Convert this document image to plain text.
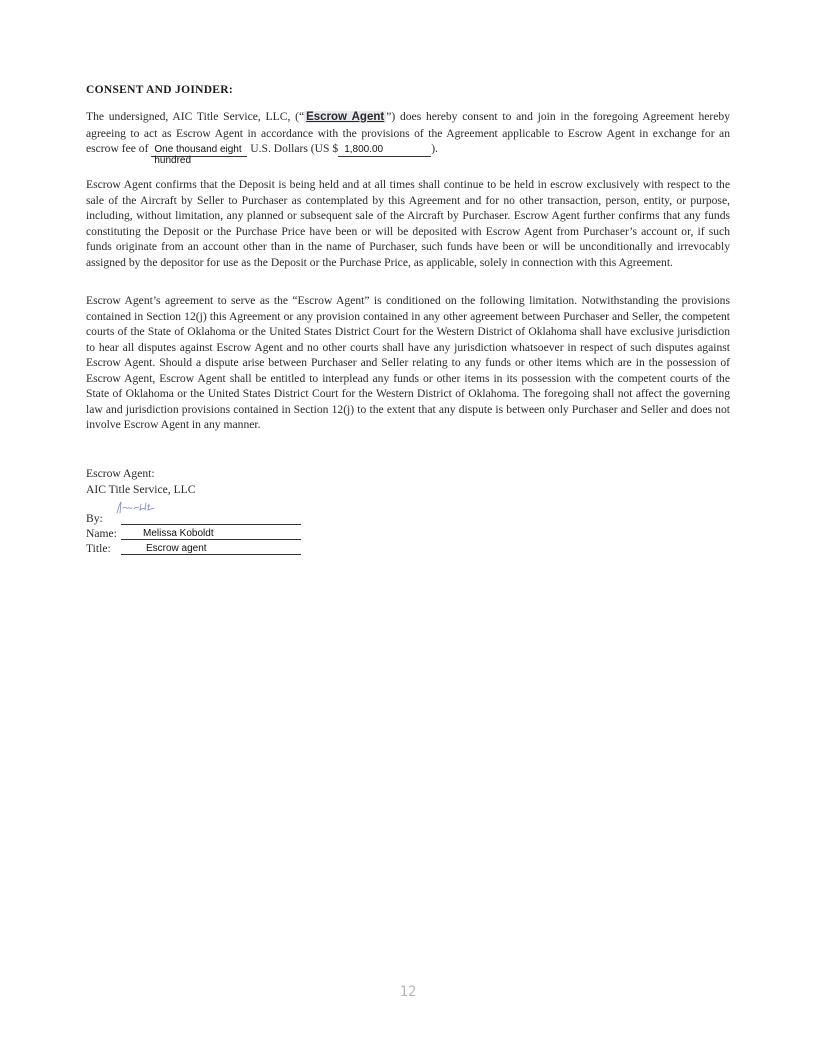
CONSENT AND JOINDER:
The undersigned, AIC Title Service, LLC, (“ Escrow Agent ”) does hereby consent to and join in the foregoing Agreement hereby agreeing to act as Escrow Agent in accordance with the provisions of the Agreement applicable to Escrow Agent in exchange for an escrow fee of One thousand eight
hundred
U.S. Dollars (US $ 1,800.00	).
Escrow Agent confirms that the Deposit is being held and at all times shall continue to be held in escrow exclusively with respect to the sale of the Aircraft by Seller to Purchaser as contemplated by this Agreement and for no other transaction, person, entity, or purpose, including, without limitation, any planned or subsequent sale of the Aircraft by Purchaser. Escrow Agent further confirms that any funds constituting the Deposit or the Purchase Price have been or will be deposited with Escrow Agent from Purchaser’s account or, if such funds originate from an account other than in the name of Purchaser, such funds have been or will be unconditionally and irrevocably assigned by the depositor for use as the Deposit or the Purchase Price, as applicable, solely in connection with this Agreement.
Escrow Agent’s agreement to serve as the “Escrow Agent” is conditioned on the following limitation. Notwithstanding the provisions contained in Section 12(j) this Agreement or any provision contained in any other agreement between Purchaser and Seller, the competent courts of the State of Oklahoma or the United States District Court for the Western District of Oklahoma shall have exclusive jurisdiction to hear all disputes against Escrow Agent and no other courts shall have any jurisdiction whatsoever in respect of such disputes against Escrow Agent. Should a dispute arise between Purchaser and Seller relating to any funds or other items which are in the possession of Escrow Agent, Escrow Agent shall be entitled to interplead any funds or other items in its possession with the competent courts of the State of Oklahoma or the United States District Court for the Western District of Oklahoma. The foregoing shall not affect the governing law and jurisdiction provisions contained in Section 12(j) to the extent that any dispute is between only Purchaser and Seller and does not involve Escrow Agent in any manner.
Escrow Agent:
AIC Title Service, LLC
By:
Name:	Melissa Koboldt
Title:	Escrow agent
12
